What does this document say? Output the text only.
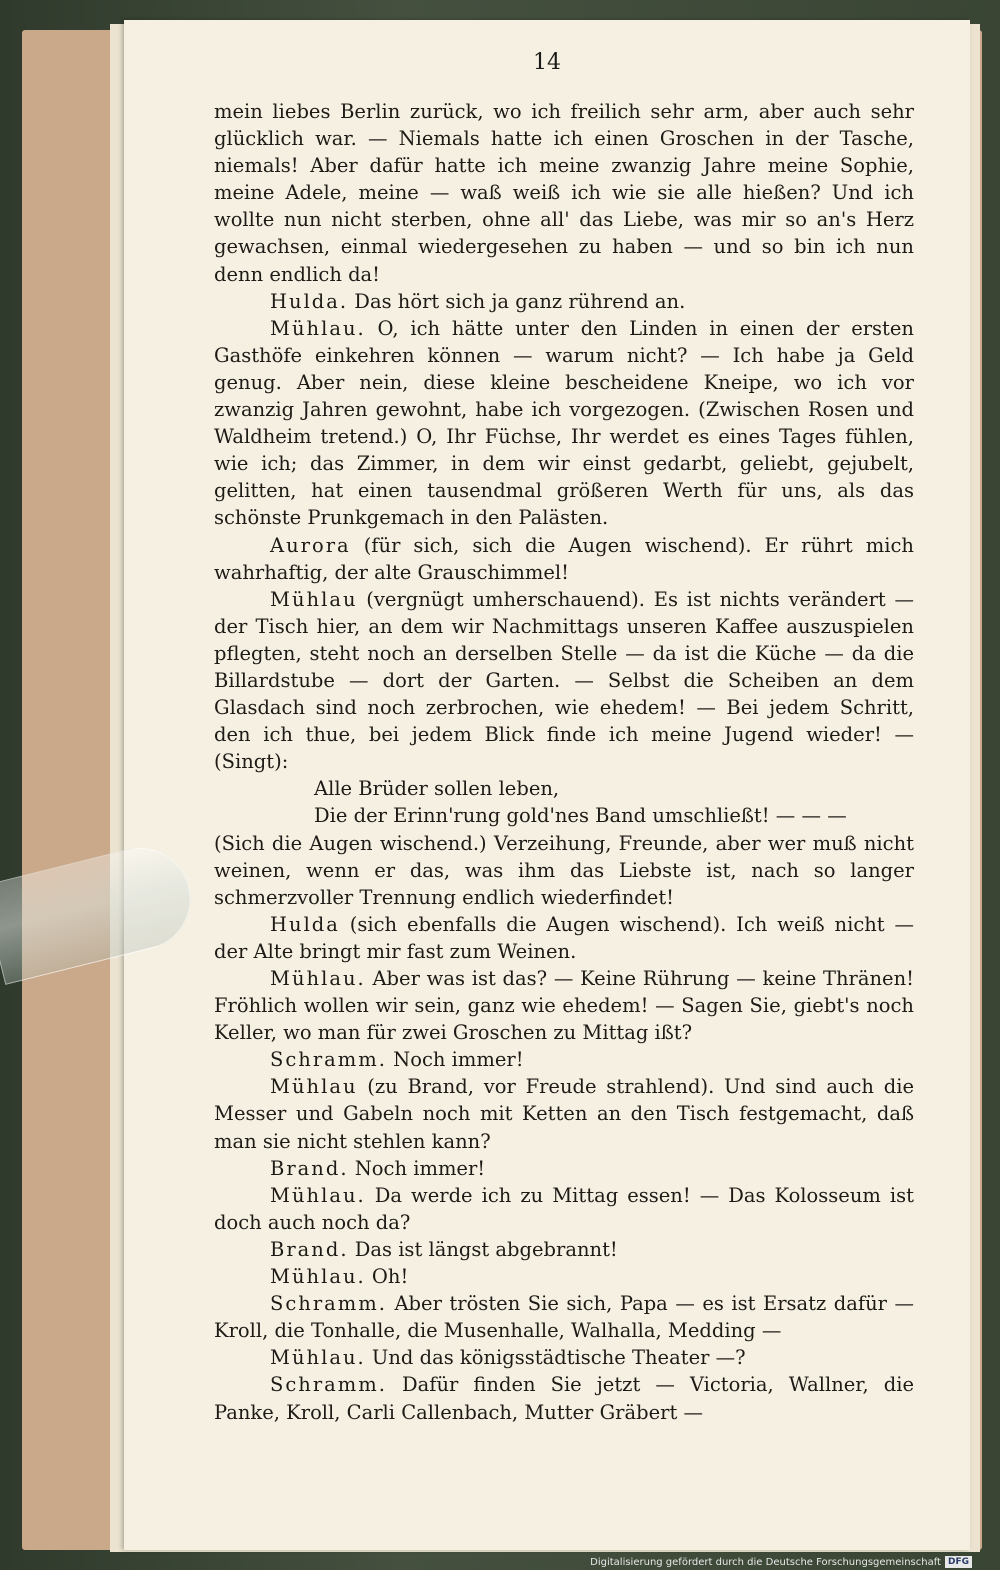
14

mein liebes Berlin zurück, wo ich freilich sehr arm, aber auch sehr glücklich war. — Niemals hatte ich einen Groschen in der Tasche, niemals! Aber dafür hatte ich meine zwanzig Jahre meine Sophie, meine Adele, meine — waß weiß ich wie sie alle hießen? Und ich wollte nun nicht sterben, ohne all' das Liebe, was mir so an's Herz gewachsen, einmal wiedergesehen zu haben — und so bin ich nun denn endlich da!

Hulda. Das hört sich ja ganz rührend an.

Mühlau. O, ich hätte unter den Linden in einen der ersten Gasthöfe einkehren können — warum nicht? — Ich habe ja Geld genug. Aber nein, diese kleine bescheidene Kneipe, wo ich vor zwanzig Jahren gewohnt, habe ich vorgezogen. (Zwischen Rosen und Waldheim tretend.) O, Ihr Füchse, Ihr werdet es eines Tages fühlen, wie ich; das Zimmer, in dem wir einst gedarbt, geliebt, gejubelt, gelitten, hat einen tausendmal größeren Werth für uns, als das schönste Prunkgemach in den Palästen.

Aurora (für sich, sich die Augen wischend). Er rührt mich wahrhaftig, der alte Grauschimmel!

Mühlau (vergnügt umherschauend). Es ist nichts verändert — der Tisch hier, an dem wir Nachmittags unseren Kaffee auszuspielen pflegten, steht noch an derselben Stelle — da ist die Küche — da die Billardstube — dort der Garten. — Selbst die Scheiben an dem Glasdach sind noch zerbrochen, wie ehedem! — Bei jedem Schritt, den ich thue, bei jedem Blick finde ich meine Jugend wieder! — (Singt):

Alle Brüder sollen leben,

Die der Erinn'rung gold'nes Band umschließt! — — —

(Sich die Augen wischend.) Verzeihung, Freunde, aber wer muß nicht weinen, wenn er das, was ihm das Liebste ist, nach so langer schmerzvoller Trennung endlich wiederfindet!

Hulda (sich ebenfalls die Augen wischend). Ich weiß nicht — der Alte bringt mir fast zum Weinen.

Mühlau. Aber was ist das? — Keine Rührung — keine Thränen! Fröhlich wollen wir sein, ganz wie ehedem! — Sagen Sie, giebt's noch Keller, wo man für zwei Groschen zu Mittag ißt?

Schramm. Noch immer!

Mühlau (zu Brand, vor Freude strahlend). Und sind auch die Messer und Gabeln noch mit Ketten an den Tisch festgemacht, daß man sie nicht stehlen kann?

Brand. Noch immer!

Mühlau. Da werde ich zu Mittag essen! — Das Kolosseum ist doch auch noch da?

Brand. Das ist längst abgebrannt!

Mühlau. Oh!

Schramm. Aber trösten Sie sich, Papa — es ist Ersatz dafür — Kroll, die Tonhalle, die Musenhalle, Walhalla, Medding —

Mühlau. Und das königsstädtische Theater —?

Schramm. Dafür finden Sie jetzt — Victoria, Wallner, die Panke, Kroll, Carli Callenbach, Mutter Gräbert —

Digitalisierung gefördert durch die Deutsche Forschungsgemeinschaft DFG
